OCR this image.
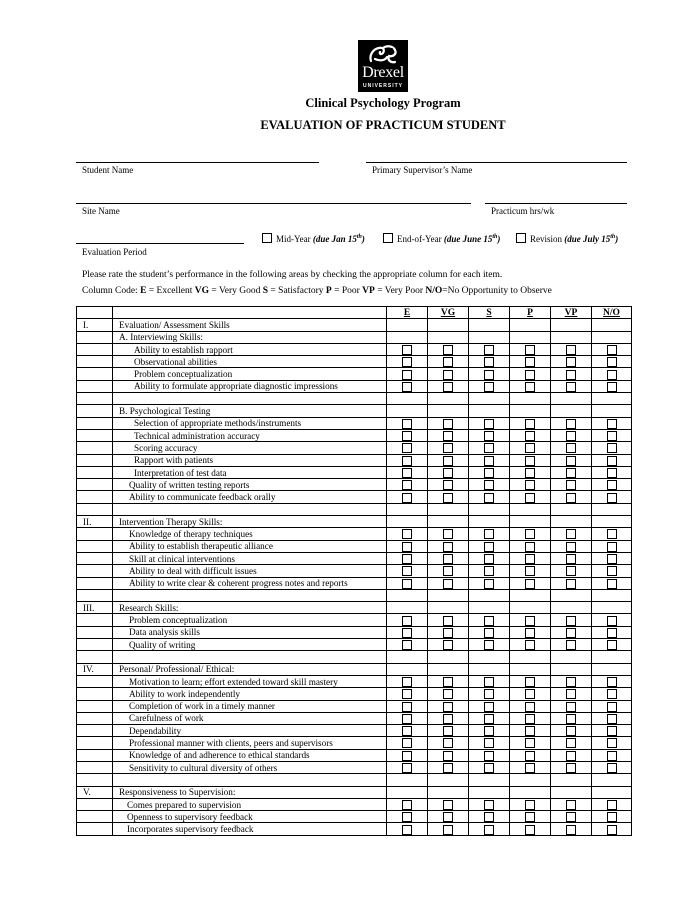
Drexel
UNIVERSITY
Clinical Psychology Program
EVALUATION OF PRACTICUM STUDENT
Student Name	Primary Supervisor’s Name
Site Name	Practicum hrs/wk
Evaluation Period
Mid-Year (due Jan 15th)	End-of-Year (due June 15th)	Revision (due July 15th)
Please rate the student’s performance in the following areas by checking the appropriate column for each item.
Column Code: E = Excellent VG = Very Good S = Satisfactory P = Poor VP = Very Poor N/O=No Opportunity to Observe
		E	VG	S	P	VP	N/O
I.	Evaluation/ Assessment Skills						
	A. Interviewing Skills:						
	Ability to establish rapport						
	Observational abilities						
	Problem conceptualization						
	Ability to formulate appropriate diagnostic impressions						

	B. Psychological Testing						
	Selection of appropriate methods/instruments						
	Technical administration accuracy						
	Scoring accuracy						
	Rapport with patients						
	Interpretation of test data						
	Quality of written testing reports						
	Ability to communicate feedback orally						

II.	Intervention Therapy Skills:						
	Knowledge of therapy techniques						
	Ability to establish therapeutic alliance						
	Skill at clinical interventions						
	Ability to deal with difficult issues						
	Ability to write clear & coherent progress notes and reports						

III.	Research Skills:						
	Problem conceptualization						
	Data analysis skills						
	Quality of writing						

IV.	Personal/ Professional/ Ethical:						
	Motivation to learn; effort extended toward skill mastery						
	Ability to work independently						
	Completion of work in a timely manner						
	Carefulness of work						
	Dependability						
	Professional manner with clients, peers and supervisors						
	Knowledge of and adherence to ethical standards						
	Sensitivity to cultural diversity of others						

V.	Responsiveness to Supervision:						
	Comes prepared to supervision						
	Openness to supervisory feedback						
	Incorporates supervisory feedback						
